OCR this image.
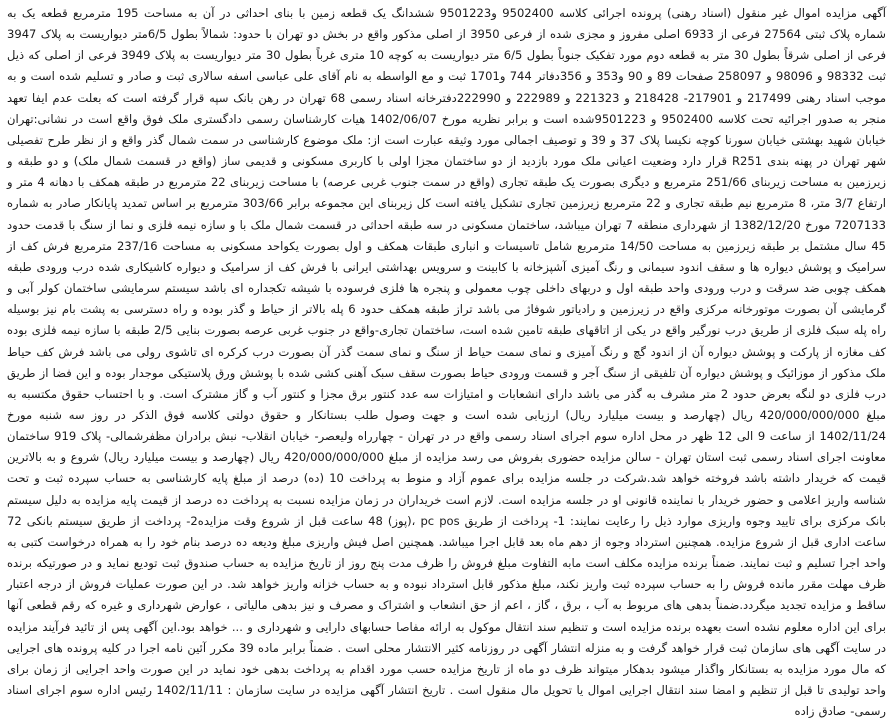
آگهی مزایده اموال غیر منقول (اسناد رهنی) پرونده اجرائی کلاسه 9502400 و9501223 ششدانگ یک قطعه زمین با بنای احداثی در آن به مساحت 195 مترمربع قطعه یک به شماره پلاک ثبتی 27564 فرعی از 6933 اصلی مفروز و مجزی شده از فرعی 3950 از اصلی مذکور واقع در بخش دو تهران با حدود: شمالاً بطول 6/5متر دیواریست به پلاک 3947 فرعی از اصلی شرقاً بطول 30 متر به قطعه دوم مورد تفکیک جنوباً بطول 6/5 متر دیواریست به کوچه 10 متری غرباً بطول 30 متر دیواریست به پلاک 3949 فرعی از اصلی که ذیل ثبت 98332 و 98096 و 258097 صفحات 89 و 90 و353 و 356دفاتر 744 و1701 ثبت و مع الواسطه به نام آقای علی عباسی اسفه سالاری ثبت و صادر و تسلیم شده است و به موجب اسناد رهنی 217499 و 217901- 218428 و 221323 و 222989 و 222990دفترخانه اسناد رسمی 68 تهران در رهن بانک سپه قرار گرفته است که بعلت عدم ایفا تعهد منجر به صدور اجرائیه تحت کلاسه 9502400 و 9501223شده است و برابر نظریه مورخ 1402/06/07 هیات کارشناسان رسمی دادگستری ملک فوق واقع است در نشانی:تهران خیابان شهید بهشتی خیابان سورنا کوچه نکیسا پلاک 37 و 39 و توصیف اجمالی مورد وثیقه عبارت است از: ملک موضوع کارشناسی در سمت شمال گذر واقع و از نظر طرح تفصیلی شهر تهران در پهنه بندی R251 قرار دارد وضعیت اعیانی ملک مورد بازدید از دو ساختمان مجزا اولی با کاربری مسکونی و قدیمی ساز (واقع در قسمت شمال ملک) و دو طبقه و زیرزمین به مساحت زیربنای 251/66 مترمربع و دیگری بصورت یک طبقه تجاری (واقع در سمت جنوب غربی عرصه) با مساحت زیربنای 22 مترمربع در طبقه همکف با دهانه 4 متر و ارتفاع 3/7 متر، 8 مترمربع نیم طبقه تجاری و 22 مترمربع زیرزمین تجاری تشکیل یافته است کل زیربنای این مجموعه برابر 303/66 مترمربع بر اساس تمدید پایانکار صادر به شماره 7207133 مورخ 1382/12/20 از شهرداری منطقه 7 تهران میباشد، ساختمان مسکونی در سه طبقه احداثی در قسمت شمال ملک با و سازه نیمه فلزی و نما از سنگ با قدمت حدود 45 سال مشتمل بر طبقه زیرزمین به مساحت 14/50 مترمربع شامل تاسیسات و انباری طبقات همکف و اول بصورت یکواحد مسکونی به مساحت 237/16 مترمربع فرش کف از سرامیک و پوشش دیواره ها و سقف اندود سیمانی و رنگ آمیزی آشپزخانه با کابینت و سرویس بهداشتی ایرانی با فرش کف از سرامیک و دیواره کاشیکاری شده درب ورودی طبقه همکف چوبی ضد سرقت و درب ورودی واحد طبقه اول و دربهای داخلی چوب معمولی و پنجره ها فلزی فرسوده با شیشه تکجداره ای باشد سیستم سرمایشی ساختمان کولر آبی و گرمایشی آن بصورت موتورخانه مرکزی واقع در زیرزمین و رادیاتور شوفاژ می باشد تراز طبقه همکف حدود 6 پله بالاتر از حیاط و گذر بوده و راه دسترسی به پشت بام نیز بوسیله راه پله سبک فلزی از طریق درب نورگیر واقع در یکی از اتاقهای طبقه تامین شده است، ساختمان تجاری-واقع در جنوب غربی عرصه بصورت بنایی 2/5 طبقه با سازه نیمه فلزی بوده کف مغازه از پارکت و پوشش دیواره آن از اندود گچ و رنگ آمیزی و نمای سمت حیاط از سنگ و نمای سمت گذر آن بصورت درب کرکره ای تاشوی رولی می باشد فرش کف حیاط ملک مذکور از موزائیک و پوشش دیواره آن تلفیقی از سنگ آجر و قسمت ورودی حیاط بصورت سقف سبک آهنی کشی شده با پوشش ورق پلاستیکی موجدار بوده و این فضا از طریق درب فلزی دو لنگه بعرض حدود 2 متر مشرف به گذر می باشد دارای انشعابات و امتیازات سه عدد کنتور برق مجزا و کنتور آب و گاز مشترک است. و با احتساب حقوق مکتسبه به مبلغ 420/000/000/000 ریال (چهارصد و بیست میلیارد ریال) ارزیابی شده است و جهت وصول طلب بستانکار و حقوق دولتی کلاسه فوق الذکر در روز سه شنبه مورخ 1402/11/24 از ساعت 9 الی 12 ظهر در محل اداره سوم اجرای اسناد رسمی واقع در در تهران - چهارراه ولیعصر- خیابان انقلاب- نبش برادران مظفرشمالی- پلاک 919 ساختمان معاونت اجرای اسناد رسمی ثبت استان تهران - سالن مزایده حضوری بفروش می رسد مزایده از مبلغ 420/000/000/000 ریال (چهارصد و بیست میلیارد ریال) شروع و به بالاترین قیمت که خریدار داشته باشد فروخته خواهد شد.شرکت در جلسه مزایده برای عموم آزاد و منوط به پرداخت 10 (ده) درصد از مبلغ پایه کارشناسی به حساب سپرده ثبت و تحت شناسه واریز اعلامی و حضور خریدار با نماینده قانونی او در جلسه مزایده است. لازم است خریداران در زمان مزایده نسبت به پرداخت ده درصد از قیمت پایه مزایده به دلیل سیستم بانک مرکزی برای تایید وجوه واریزی موارد ذیل را رعایت نمایند: 1- پرداخت از طریق pc pos ،(پوز) 48 ساعت قبل از شروع وقت مزایده2- پرداخت از طریق سیستم بانکی 72 ساعت اداری قبل از شروع مزایده. همچنین استرداد وجوه از دهم ماه بعد قابل اجرا میباشد. همچنین اصل فیش واریزی مبلغ ودیعه ده درصد بنام خود را به همراه درخواست کتبی به واحد اجرا تسلیم و ثبت نمایند. ضمناً برنده مزایده مکلف است مابه التفاوت مبلغ فروش را ظرف مدت پنج روز از تاریخ مزایده به حساب صندوق ثبت تودیع نماید و در صورتیکه برنده ظرف مهلت مقرر مانده فروش را به حساب سپرده ثبت واریز نکند، مبلغ مذکور قابل استرداد نبوده و به حساب خزانه واریز خواهد شد. در این صورت عملیات فروش از درجه اعتبار ساقط و مزایده تجدید میگردد.ضمناً بدهی های مربوط به آب ، برق ، گاز ، اعم از حق انشعاب و اشتراک و مصرف و نیز بدهی مالیاتی ، عوارض شهرداری و غیره که رقم قطعی آنها برای این اداره معلوم نشده است بعهده برنده مزایده است و تنظیم سند انتقال موکول به ارائه مفاصا حسابهای دارایی و شهرداری و ... خواهد بود.این آگهی پس از تائید فرآیند مزایده در سایت آگهی های سازمان ثبت قرار خواهد گرفت و به منزله انتشار آگهی در روزنامه کثیر الانتشار محلی است . ضمناً برابر ماده 39 مکرر آئین نامه اجرا در کلیه پرونده های اجرایی که مال مورد مزایده به بستانکار واگذار میشود بدهکار میتواند ظرف دو ماه از تاریخ مزایده حسب مورد اقدام به پرداخت بدهی خود نماید در این صورت واحد اجرایی از زمان برای واحد تولیدی تا قبل از تنظیم و امضا سند انتقال اجرایی اموال یا تحویل مال منقول است . تاریخ انتشار آگهی مزایده در سایت سازمان : 1402/11/11 رئیس اداره سوم اجرای اسناد رسمی- صادق زاده
